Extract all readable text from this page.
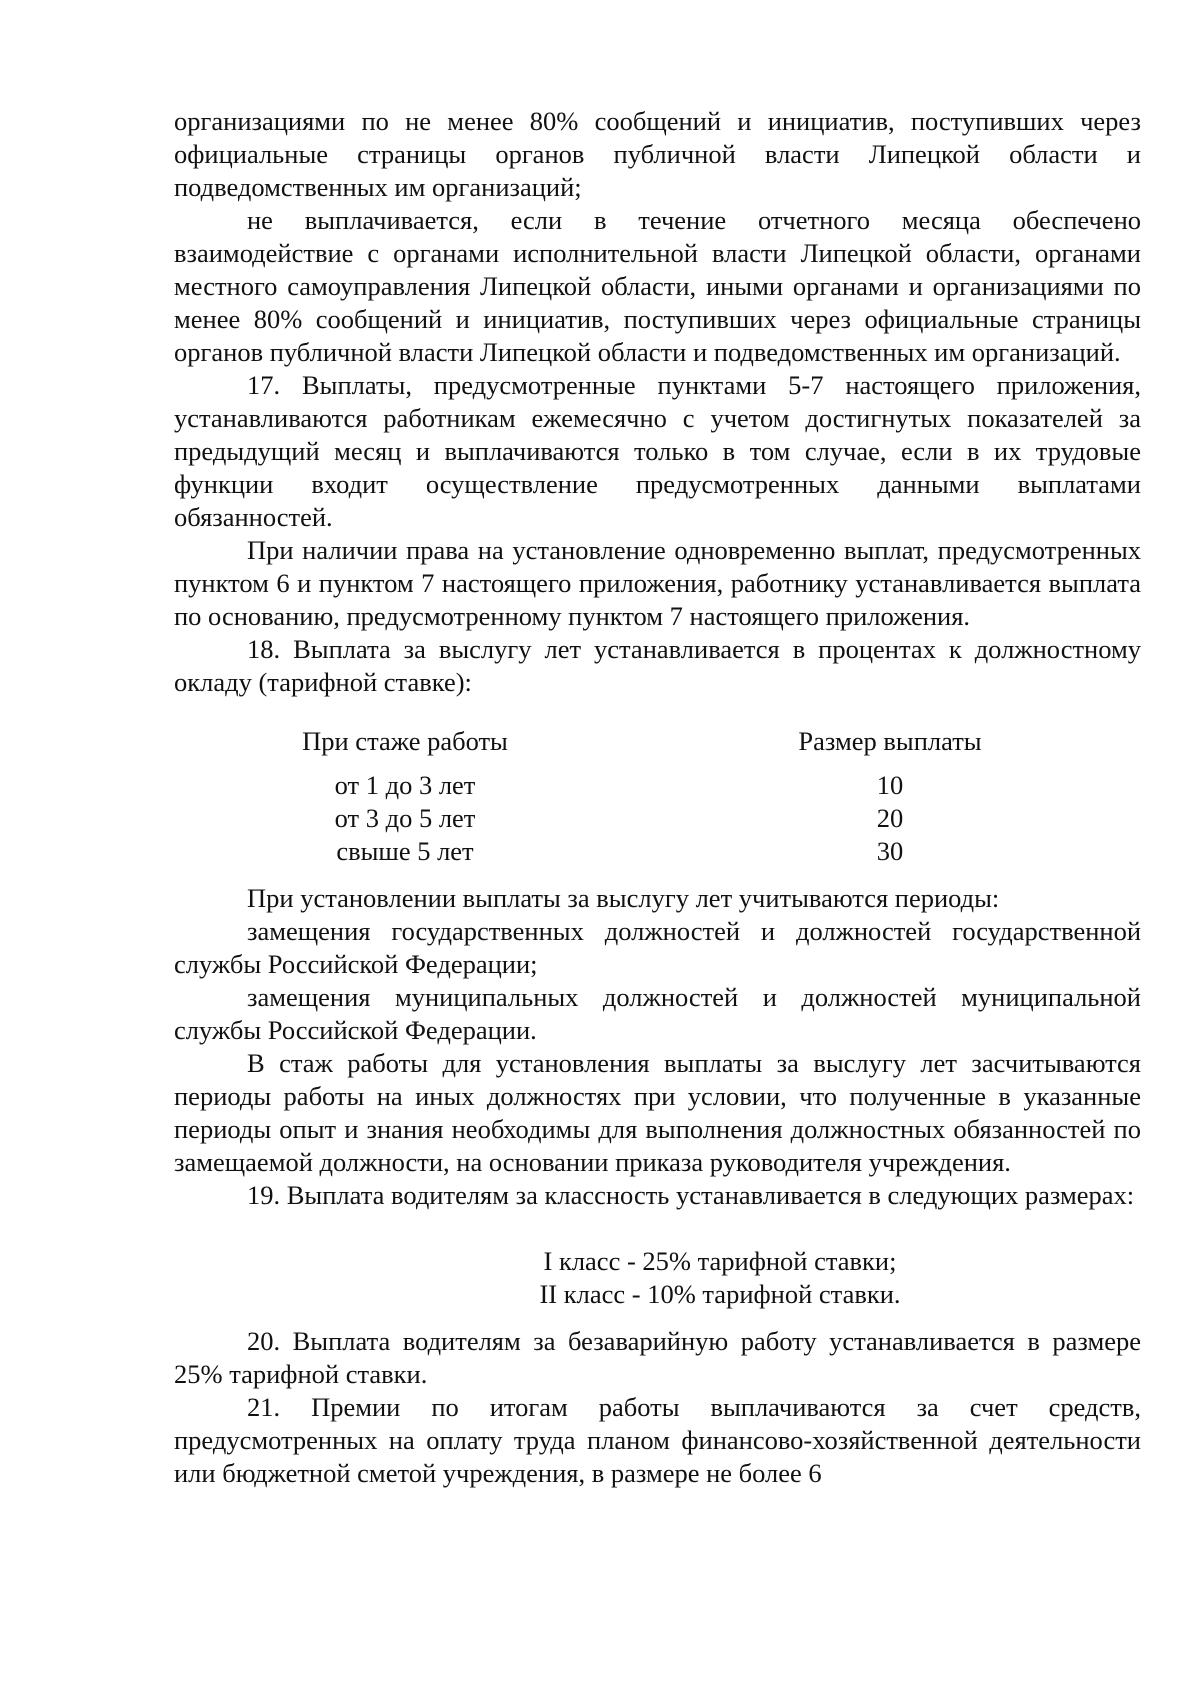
организациями по не менее 80% сообщений и инициатив, поступивших через официальные страницы органов публичной власти Липецкой области и подведомственных им организаций;

не выплачивается, если в течение отчетного месяца обеспечено взаимодействие с органами исполнительной власти Липецкой области, органами местного самоуправления Липецкой области, иными органами и организациями по менее 80% сообщений и инициатив, поступивших через официальные страницы органов публичной власти Липецкой области и подведомственных им организаций.

17. Выплаты, предусмотренные пунктами 5-7 настоящего приложения, устанавливаются работникам ежемесячно с учетом достигнутых показателей за предыдущий месяц и выплачиваются только в том случае, если в их трудовые функции входит осуществление предусмотренных данными выплатами обязанностей.

При наличии права на установление одновременно выплат, предусмотренных пунктом 6 и пунктом 7 настоящего приложения, работнику устанавливается выплата по основанию, предусмотренному пунктом 7 настоящего приложения.

18. Выплата за выслугу лет устанавливается в процентах к должностному окладу (тарифной ставке):

При стаже работы	Размер выплаты
от 1 до 3 лет	10
от 3 до 5 лет	20
свыше 5 лет	30

При установлении выплаты за выслугу лет учитываются периоды:

замещения государственных должностей и должностей государственной службы Российской Федерации;

замещения муниципальных должностей и должностей муниципальной службы Российской Федерации.

В стаж работы для установления выплаты за выслугу лет засчитываются периоды работы на иных должностях при условии, что полученные в указанные периоды опыт и знания необходимы для выполнения должностных обязанностей по замещаемой должности, на основании приказа руководителя учреждения.

19. Выплата водителям за классность устанавливается в следующих размерах:

I класс - 25% тарифной ставки;
II класс - 10% тарифной ставки.

20. Выплата водителям за безаварийную работу устанавливается в размере 25% тарифной ставки.

21. Премии по итогам работы выплачиваются за счет средств, предусмотренных на оплату труда планом финансово-хозяйственной деятельности или бюджетной сметой учреждения, в размере не более 6
